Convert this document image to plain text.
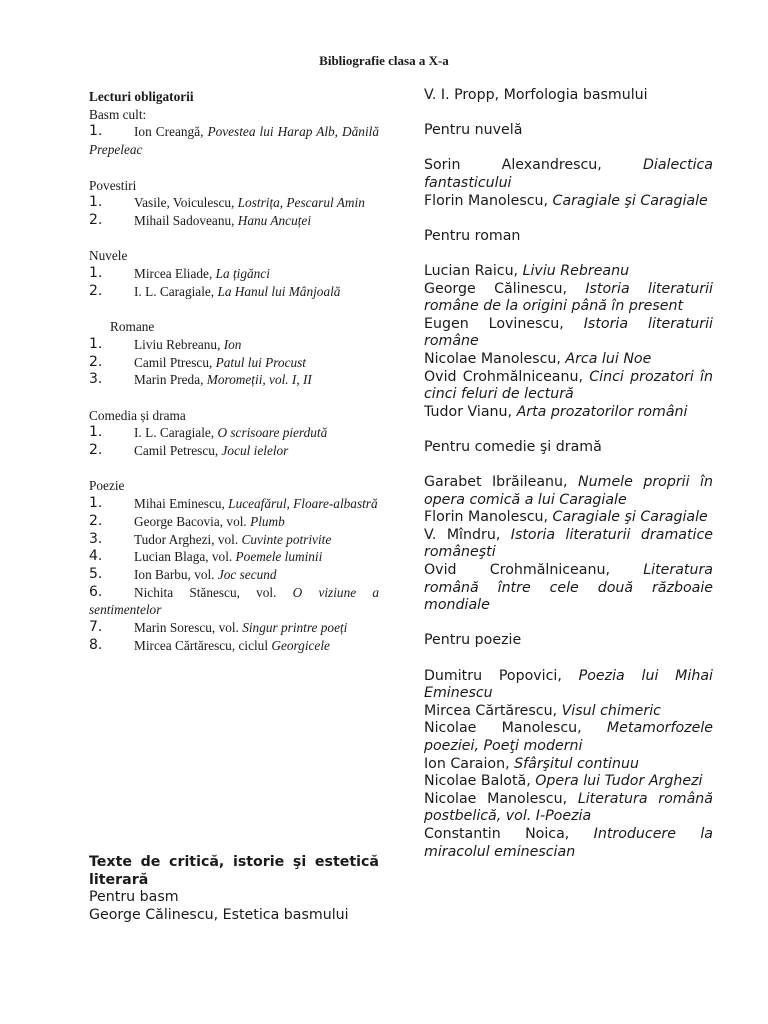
Bibliografie clasa a X-a
Lecturi obligatorii
Basm cult:
1. Ion Creangă, Povestea lui Harap Alb, Dănilă Prepeleac
Povestiri
1. Vasile, Voiculescu, Lostrița, Pescarul Amin
2. Mihail Sadoveanu, Hanu Ancuței
Nuvele
1. Mircea Eliade, La țigănci
2. I. L. Caragiale, La Hanul lui Mânjoală
Romane
1. Liviu Rebreanu, Ion
2. Camil Ptrescu, Patul lui Procust
3. Marin Preda, Moromeții, vol. I, II
Comedia și drama
1. I. L. Caragiale, O scrisoare pierdută
2. Camil Petrescu, Jocul ielelor
Poezie
1. Mihai Eminescu, Luceafărul, Floare-albastră
2. George Bacovia, vol. Plumb
3. Tudor Arghezi, vol. Cuvinte potrivite
4. Lucian Blaga, vol. Poemele luminii
5. Ion Barbu, vol. Joc secund
6. Nichita Stănescu, vol. O viziune a sentimentelor
7. Marin Sorescu, vol. Singur printre poeți
8. Mircea Cărtărescu, ciclul Georgicele
Texte de critică, istorie şi estetică literară
Pentru basm
George Călinescu, Estetica basmului
V. I. Propp, Morfologia basmului
Pentru nuvelă
Sorin Alexandrescu, Dialectica fantasticului
Florin Manolescu, Caragiale şi Caragiale
Pentru roman
Lucian Raicu, Liviu Rebreanu
George Călinescu, Istoria literaturii române de la origini până în present
Eugen Lovinescu, Istoria literaturii române
Nicolae Manolescu, Arca lui Noe
Ovid Crohmălniceanu, Cinci prozatori în cinci feluri de lectură
Tudor Vianu, Arta prozatorilor români
Pentru comedie şi dramă
Garabet Ibrăileanu, Numele proprii în opera comică a lui Caragiale
Florin Manolescu, Caragiale şi Caragiale
V. Mîndru, Istoria literaturii dramatice româneşti
Ovid Crohmălniceanu, Literatura română între cele două războaie mondiale
Pentru poezie
Dumitru Popovici, Poezia lui Mihai Eminescu
Mircea Cărtărescu, Visul chimeric
Nicolae Manolescu, Metamorfozele poeziei, Poeţi moderni
Ion Caraion, Sfârşitul continuu
Nicolae Balotă, Opera lui Tudor Arghezi
Nicolae Manolescu, Literatura română postbelică, vol. I-Poezia
Constantin Noica, Introducere la miracolul eminescian
